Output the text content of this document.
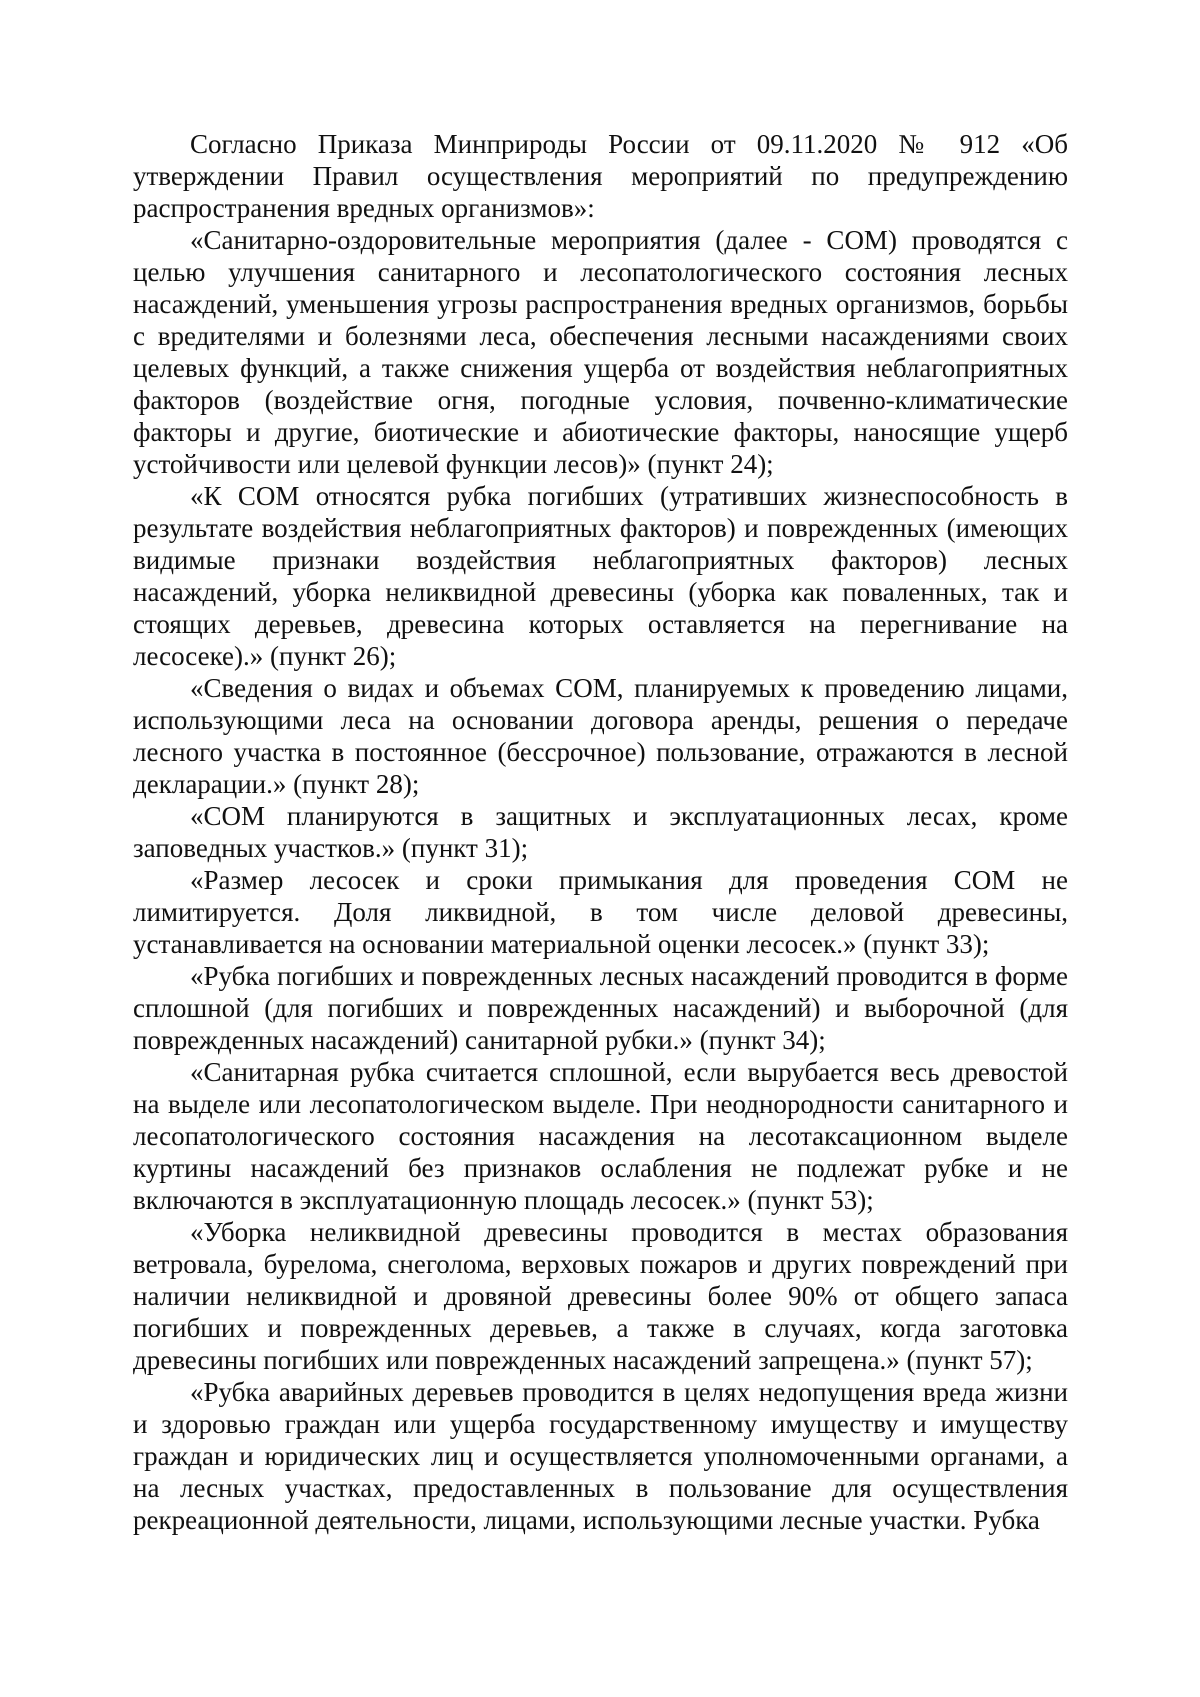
Согласно Приказа Минприроды России от 09.11.2020 № 912 «Об утверждении Правил осуществления мероприятий по предупреждению распространения вредных организмов»:

«Санитарно-оздоровительные мероприятия (далее - СОМ) проводятся с целью улучшения санитарного и лесопатологического состояния лесных насаждений, уменьшения угрозы распространения вредных организмов, борьбы с вредителями и болезнями леса, обеспечения лесными насаждениями своих целевых функций, а также снижения ущерба от воздействия неблагоприятных факторов (воздействие огня, погодные условия, почвенно-климатические факторы и другие, биотические и абиотические факторы, наносящие ущерб устойчивости или целевой функции лесов)» (пункт 24);

«К СОМ относятся рубка погибших (утративших жизнеспособность в результате воздействия неблагоприятных факторов) и поврежденных (имеющих видимые признаки воздействия неблагоприятных факторов) лесных насаждений, уборка неликвидной древесины (уборка как поваленных, так и стоящих деревьев, древесина которых оставляется на перегнивание на лесосеке).» (пункт 26);

«Сведения о видах и объемах СОМ, планируемых к проведению лицами, использующими леса на основании договора аренды, решения о передаче лесного участка в постоянное (бессрочное) пользование, отражаются в лесной декларации.» (пункт 28);

«СОМ планируются в защитных и эксплуатационных лесах, кроме заповедных участков.» (пункт 31);

«Размер лесосек и сроки примыкания для проведения СОМ не лимитируется. Доля ликвидной, в том числе деловой древесины, устанавливается на основании материальной оценки лесосек.» (пункт 33);

«Рубка погибших и поврежденных лесных насаждений проводится в форме сплошной (для погибших и поврежденных насаждений) и выборочной (для поврежденных насаждений) санитарной рубки.» (пункт 34);

«Санитарная рубка считается сплошной, если вырубается весь древостой на выделе или лесопатологическом выделе. При неоднородности санитарного и лесопатологического состояния насаждения на лесотаксационном выделе куртины насаждений без признаков ослабления не подлежат рубке и не включаются в эксплуатационную площадь лесосек.» (пункт 53);

«Уборка неликвидной древесины проводится в местах образования ветровала, бурелома, снеголома, верховых пожаров и других повреждений при наличии неликвидной и дровяной древесины более 90% от общего запаса погибших и поврежденных деревьев, а также в случаях, когда заготовка древесины погибших или поврежденных насаждений запрещена.» (пункт 57);

«Рубка аварийных деревьев проводится в целях недопущения вреда жизни и здоровью граждан или ущерба государственному имуществу и имуществу граждан и юридических лиц и осуществляется уполномоченными органами, а на лесных участках, предоставленных в пользование для осуществления рекреационной деятельности, лицами, использующими лесные участки. Рубка
